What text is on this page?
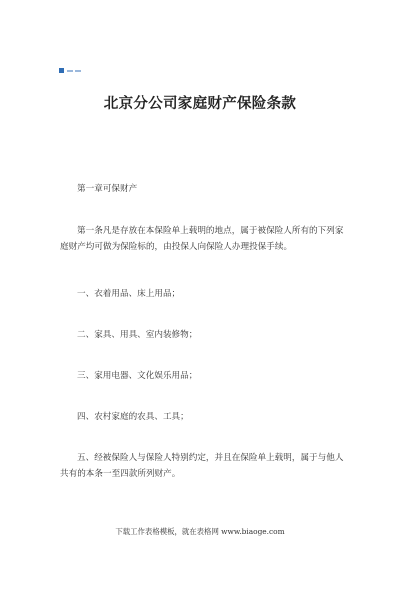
北京分公司家庭财产保险条款

第一章可保财产

第一条凡是存放在本保险单上载明的地点，属于被保险人所有的下列家庭财产均可做为保险标的，由投保人向保险人办理投保手续。

一、衣着用品、床上用品；

二、家具、用具、室内装修物；

三、家用电器、文化娱乐用品；

四、农村家庭的农具、工具；

五、经被保险人与保险人特别约定，并且在保险单上载明，属于与他人共有的本条一至四款所列财产。

下载工作表格模板，就在表格网 www.biaoge.com
